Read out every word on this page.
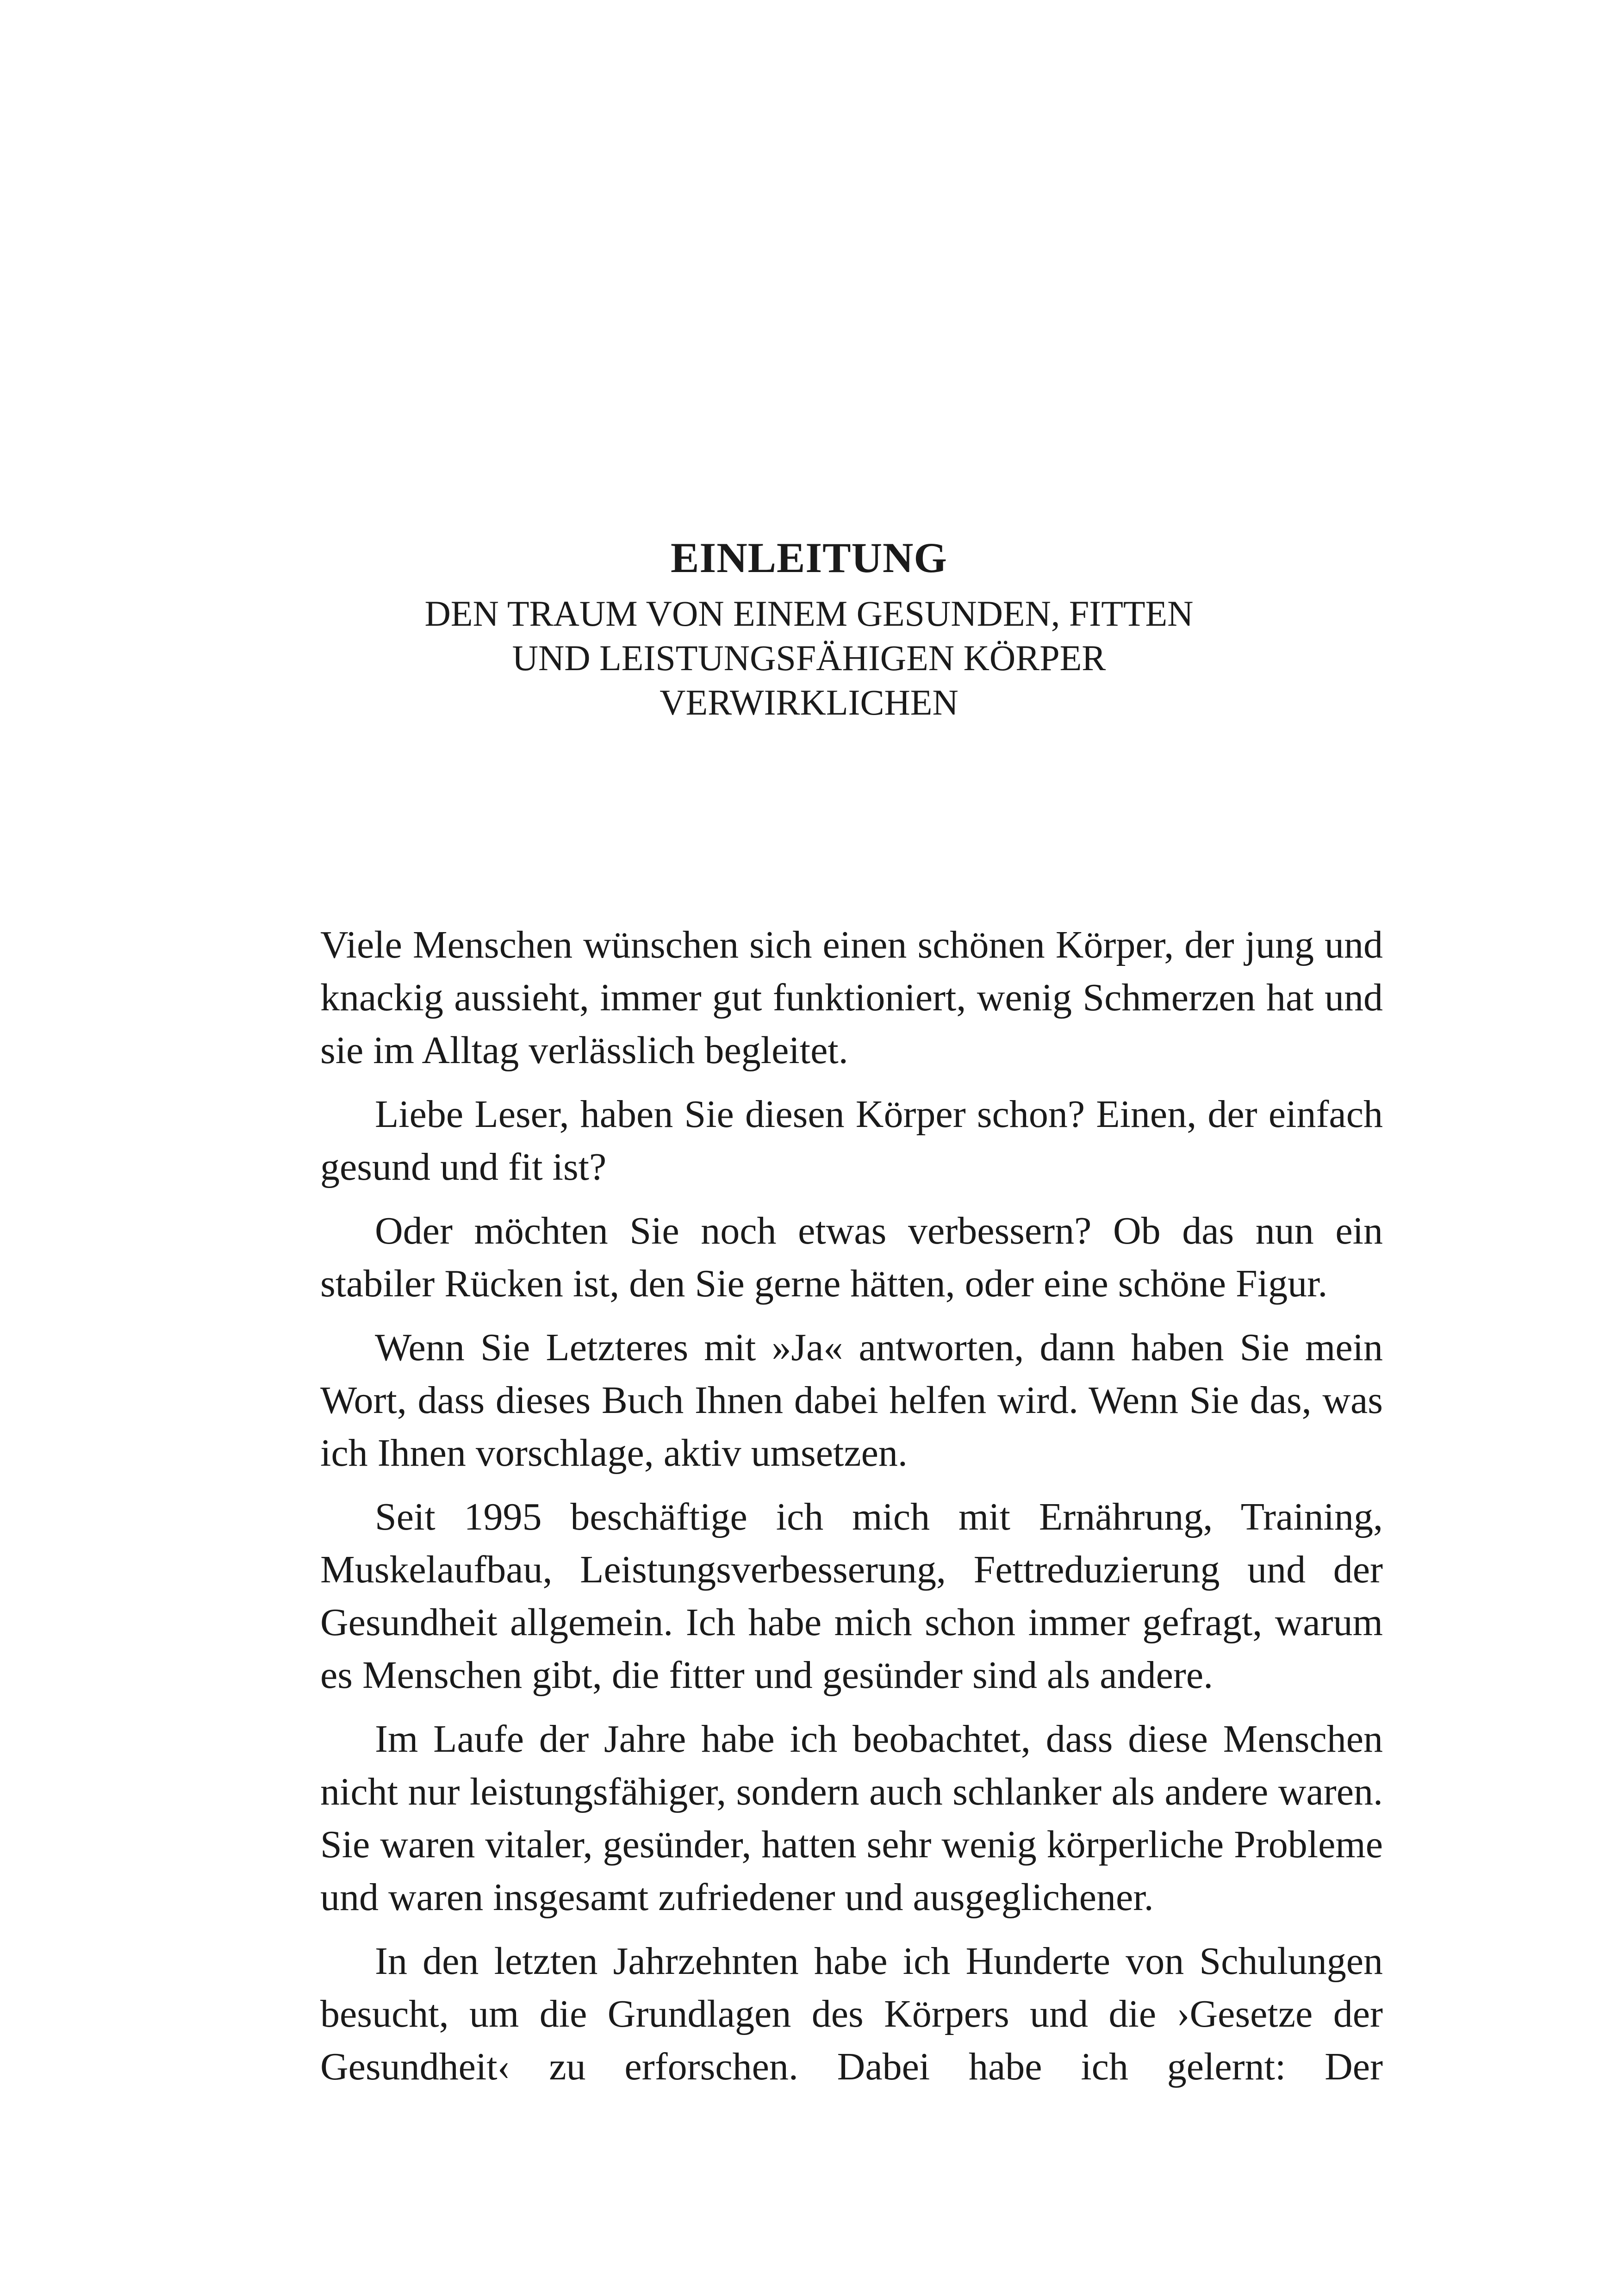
EINLEITUNG
DEN TRAUM VON EINEM GESUNDEN, FITTEN
UND LEISTUNGSFÄHIGEN KÖRPER
VERWIRKLICHEN

Viele Menschen wünschen sich einen schönen Körper, der jung und knackig aussieht, immer gut funktioniert, wenig Schmerzen hat und sie im Alltag verlässlich begleitet.

Liebe Leser, haben Sie diesen Körper schon? Einen, der einfach gesund und fit ist?

Oder möchten Sie noch etwas verbessern? Ob das nun ein stabiler Rücken ist, den Sie gerne hätten, oder eine schöne Figur.

Wenn Sie Letzteres mit »Ja« antworten, dann haben Sie mein Wort, dass dieses Buch Ihnen dabei helfen wird. Wenn Sie das, was ich Ihnen vorschlage, aktiv umsetzen.

Seit 1995 beschäftige ich mich mit Ernährung, Training, Muskelaufbau, Leistungsverbesserung, Fettreduzierung und der Gesundheit allgemein. Ich habe mich schon immer gefragt, warum es Menschen gibt, die fitter und gesünder sind als andere.

Im Laufe der Jahre habe ich beobachtet, dass diese Menschen nicht nur leistungsfähiger, sondern auch schlanker als andere waren. Sie waren vitaler, gesünder, hatten sehr wenig körperliche Probleme und waren insgesamt zufriedener und ausgeglichener.

In den letzten Jahrzehnten habe ich Hunderte von Schulungen besucht, um die Grundlagen des Körpers und die ›Gesetze der Gesundheit‹ zu erforschen. Dabei habe ich gelernt: Der
